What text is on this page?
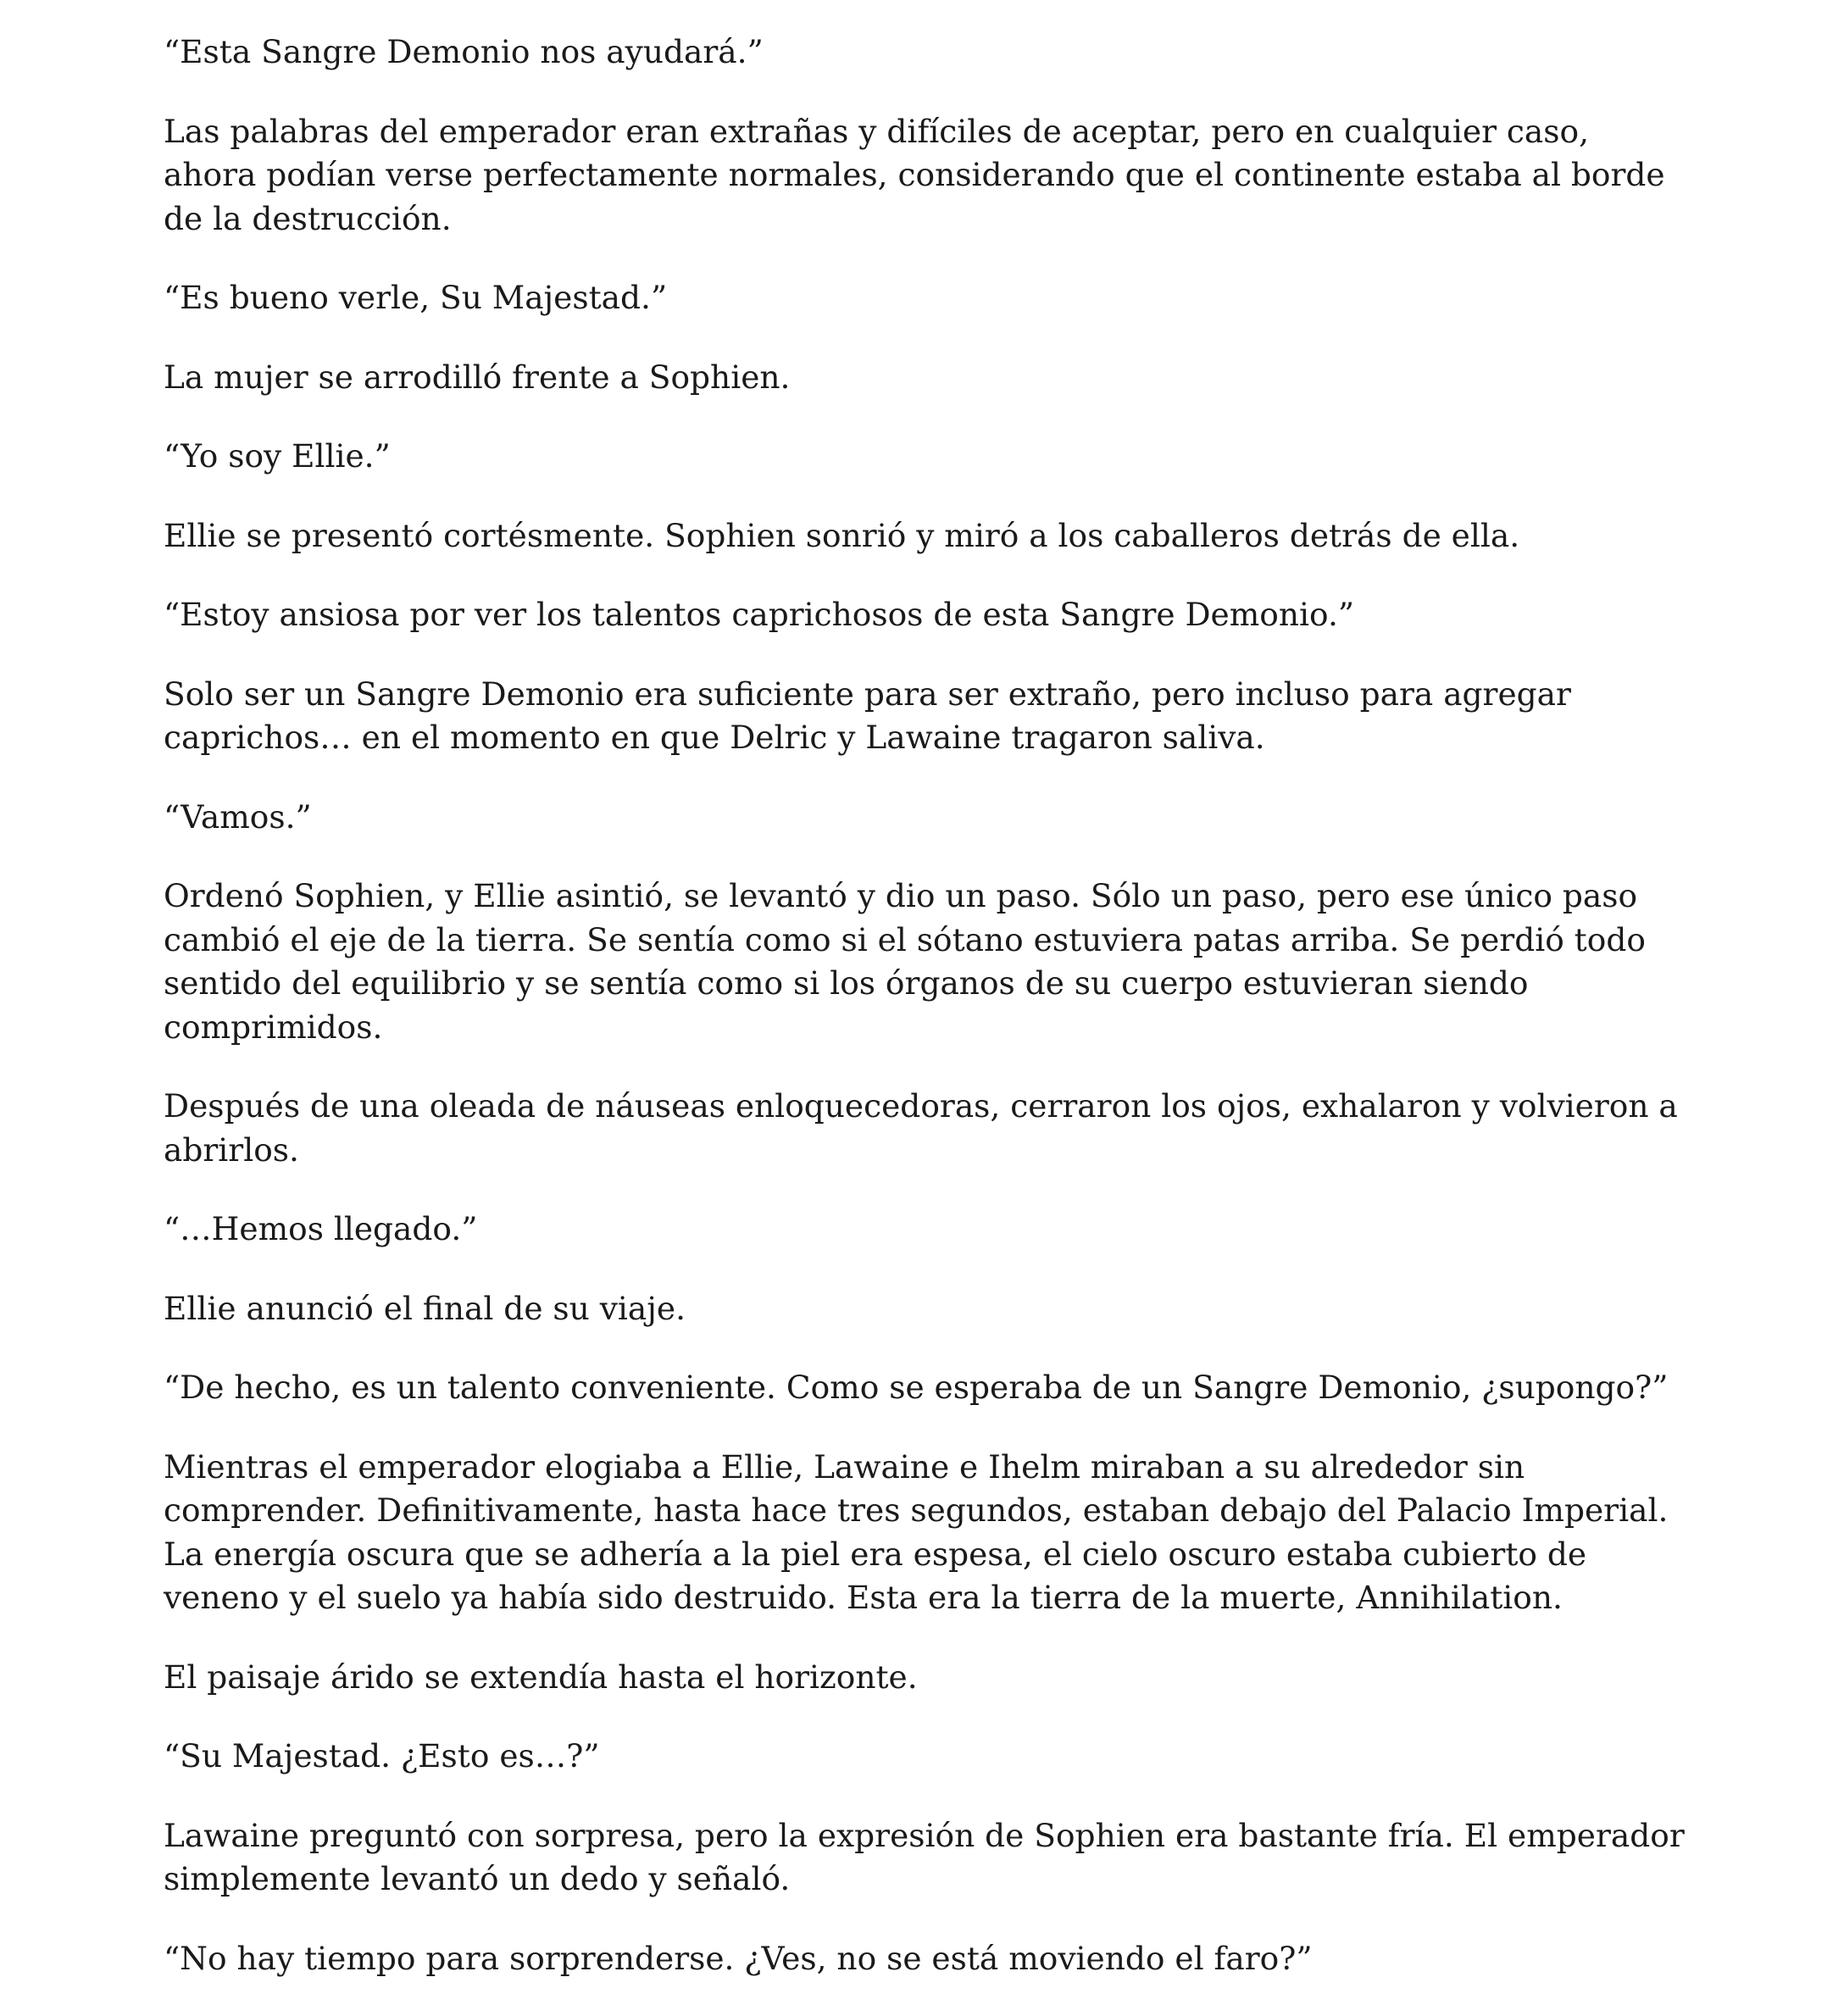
“Esta Sangre Demonio nos ayudará.”

Las palabras del emperador eran extrañas y difíciles de aceptar, pero en cualquier caso, ahora podían verse perfectamente normales, considerando que el continente estaba al borde de la destrucción.

“Es bueno verle, Su Majestad.”

La mujer se arrodilló frente a Sophien.

“Yo soy Ellie.”

Ellie se presentó cortésmente. Sophien sonrió y miró a los caballeros detrás de ella.

“Estoy ansiosa por ver los talentos caprichosos de esta Sangre Demonio.”

Solo ser un Sangre Demonio era suficiente para ser extraño, pero incluso para agregar caprichos… en el momento en que Delric y Lawaine tragaron saliva.

“Vamos.”

Ordenó Sophien, y Ellie asintió, se levantó y dio un paso. Sólo un paso, pero ese único paso cambió el eje de la tierra. Se sentía como si el sótano estuviera patas arriba. Se perdió todo sentido del equilibrio y se sentía como si los órganos de su cuerpo estuvieran siendo comprimidos.

Después de una oleada de náuseas enloquecedoras, cerraron los ojos, exhalaron y volvieron a abrirlos.

“…Hemos llegado.”

Ellie anunció el final de su viaje.

“De hecho, es un talento conveniente. Como se esperaba de un Sangre Demonio, ¿supongo?”

Mientras el emperador elogiaba a Ellie, Lawaine e Ihelm miraban a su alrededor sin comprender. Definitivamente, hasta hace tres segundos, estaban debajo del Palacio Imperial. La energía oscura que se adhería a la piel era espesa, el cielo oscuro estaba cubierto de veneno y el suelo ya había sido destruido. Esta era la tierra de la muerte, Annihilation.

El paisaje árido se extendía hasta el horizonte.

“Su Majestad. ¿Esto es…?”

Lawaine preguntó con sorpresa, pero la expresión de Sophien era bastante fría. El emperador simplemente levantó un dedo y señaló.

“No hay tiempo para sorprenderse. ¿Ves, no se está moviendo el faro?”
